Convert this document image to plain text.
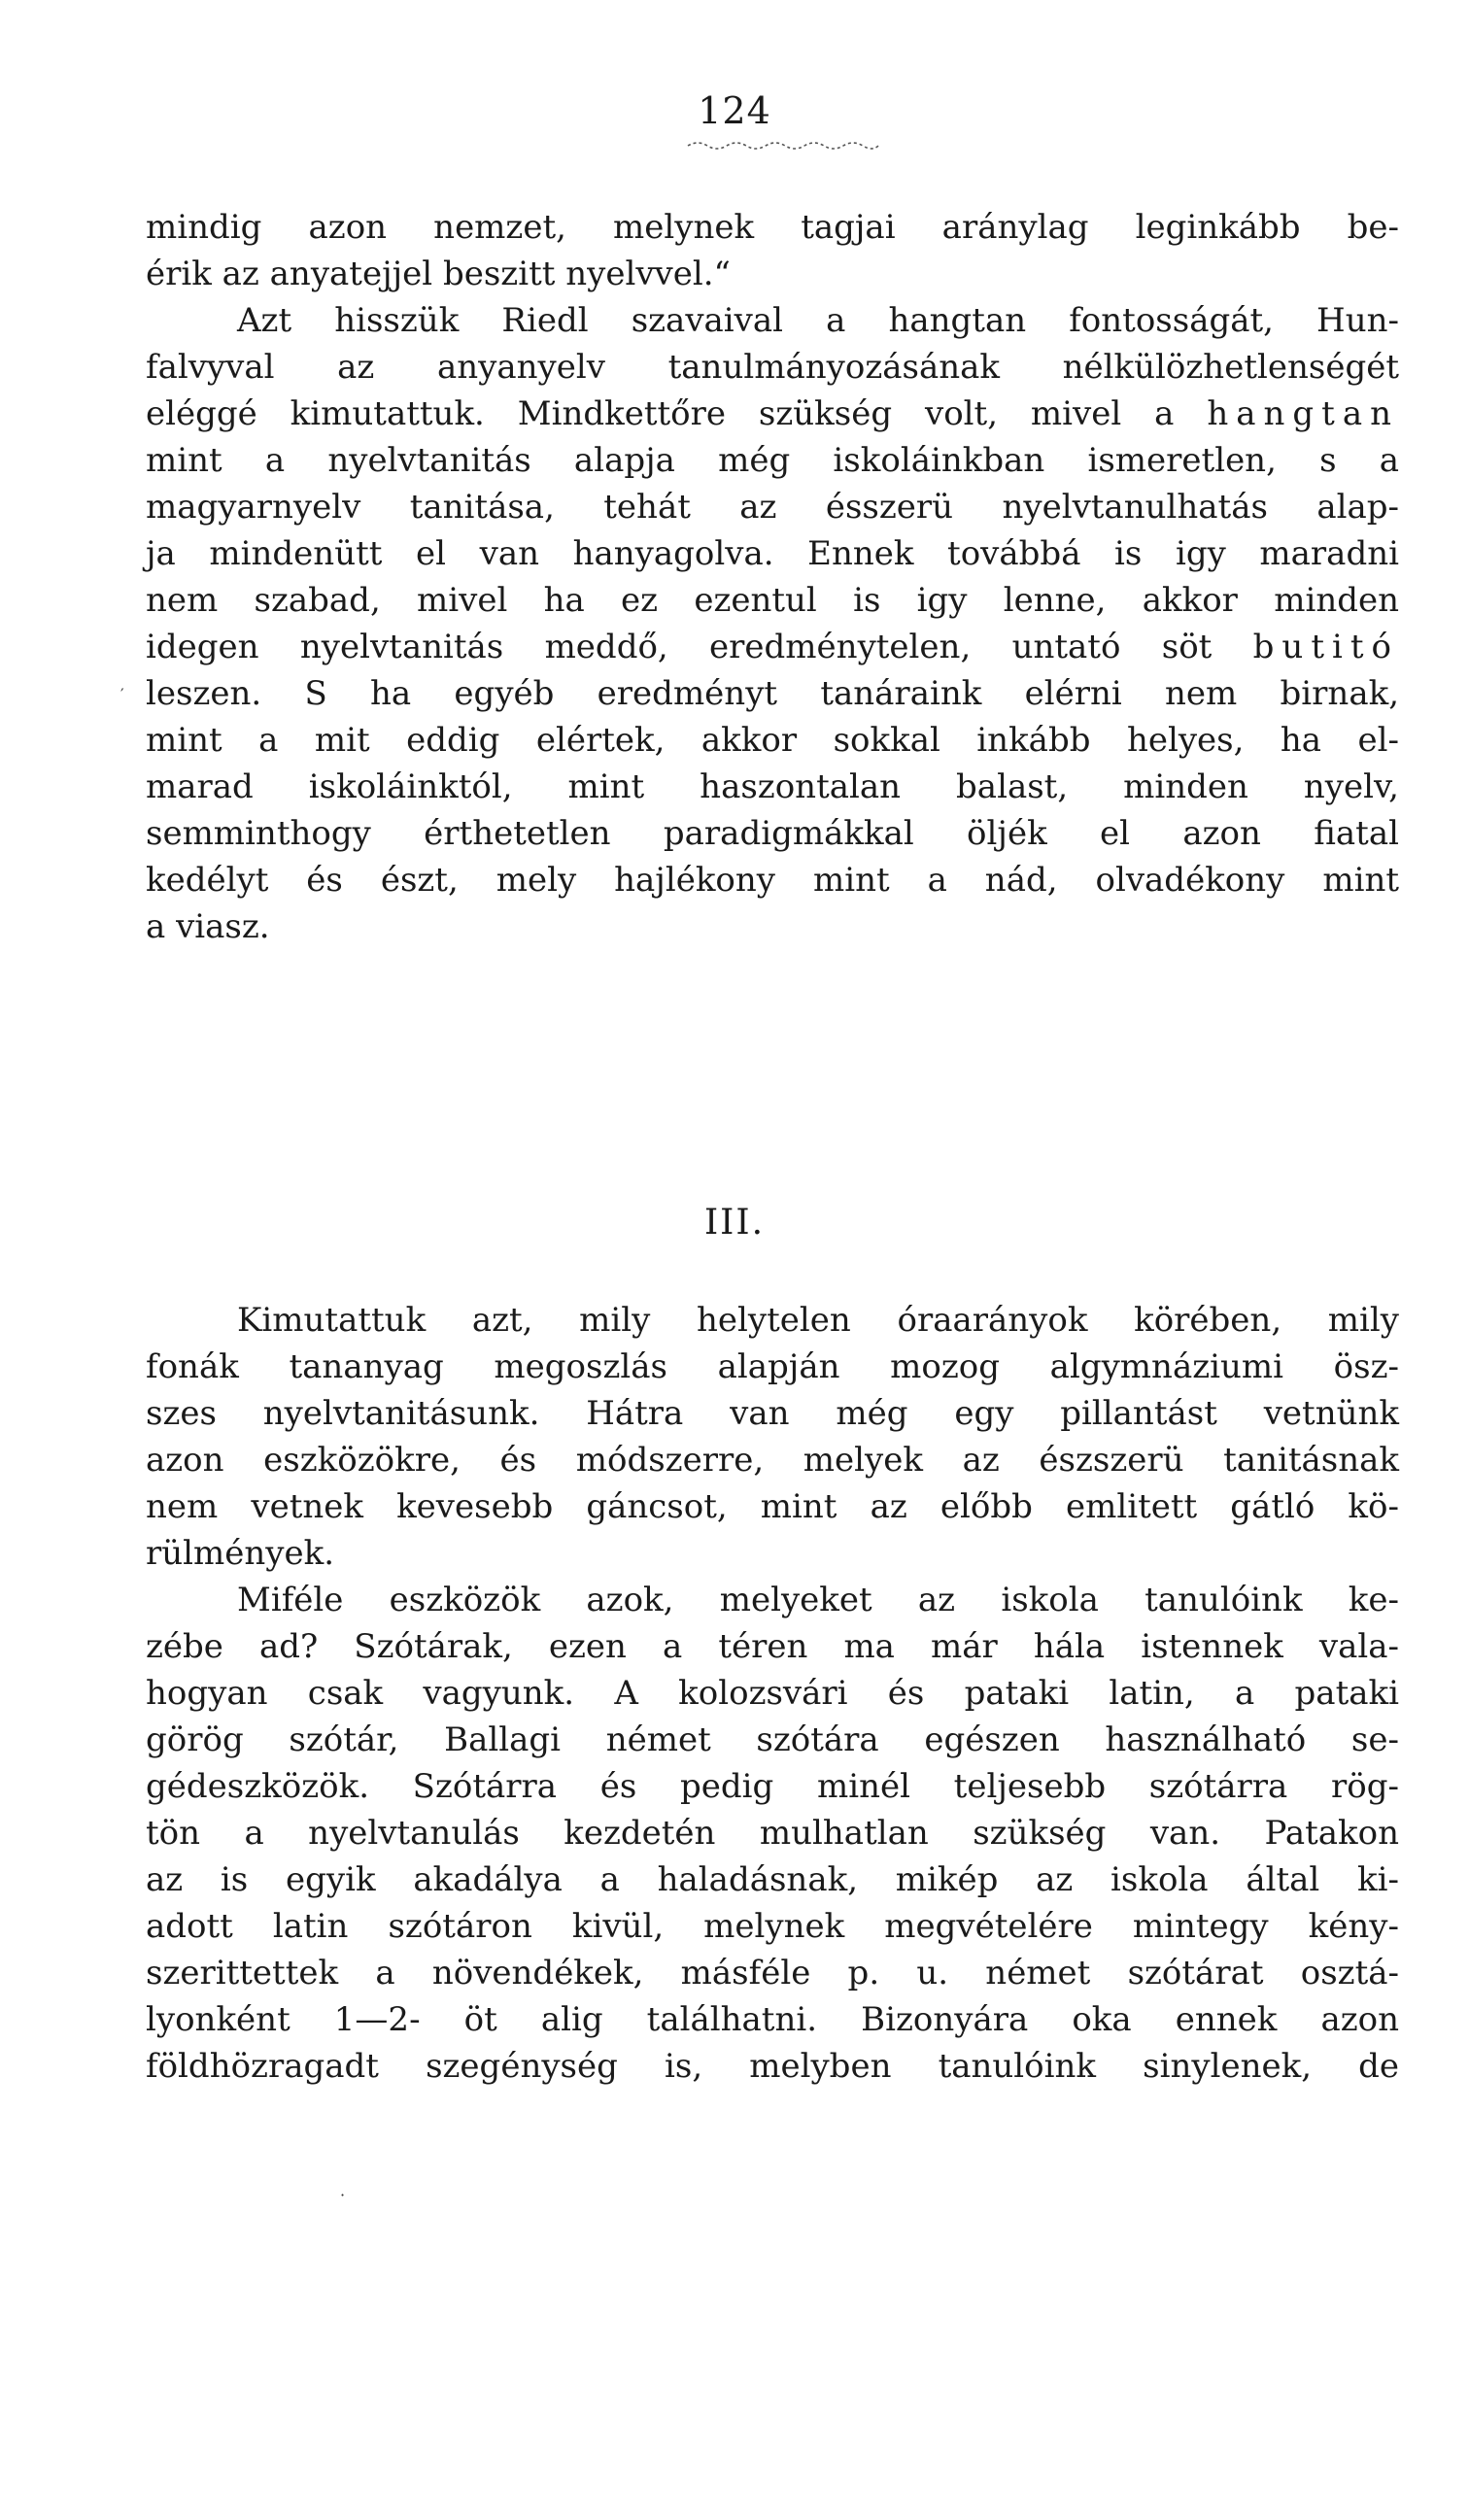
124
mindig azon nemzet, melynek tagjai aránylag leginkább be-
érik az anyatejjel beszitt nyelvvel.“
Azt hisszük Riedl szavaival a hangtan fontosságát, Hun-
falvyval az anyanyelv tanulmányozásának nélkülözhetlenségét
eléggé kimutattuk. Mindkettőre szükség volt, mivel a hangtan
mint a nyelvtanitás alapja még iskoláinkban ismeretlen, s a
magyarnyelv tanitása, tehát az ésszerü nyelvtanulhatás alap-
ja mindenütt el van hanyagolva. Ennek továbbá is igy maradni
nem szabad, mivel ha ez ezentul is igy lenne, akkor minden
idegen nyelvtanitás meddő, eredménytelen, untató söt butitó
leszen. S ha egyéb eredményt tanáraink elérni nem birnak,
mint a mit eddig elértek, akkor sokkal inkább helyes, ha el-
marad iskoláinktól, mint haszontalan balast, minden nyelv,
semminthogy érthetetlen paradigmákkal öljék el azon fiatal
kedélyt és észt, mely hajlékony mint a nád, olvadékony mint
a viasz.
III.
Kimutattuk azt, mily helytelen óraarányok körében, mily
fonák tananyag megoszlás alapján mozog algymnáziumi ösz-
szes nyelvtanitásunk. Hátra van még egy pillantást vetnünk
azon eszközökre, és módszerre, melyek az észszerü tanitásnak
nem vetnek kevesebb gáncsot, mint az előbb emlitett gátló kö-
rülmények.
Miféle eszközök azok, melyeket az iskola tanulóink ke-
zébe ad? Szótárak, ezen a téren ma már hála istennek vala-
hogyan csak vagyunk. A kolozsvári és pataki latin, a pataki
görög szótár, Ballagi német szótára egészen használható se-
gédeszközök. Szótárra és pedig minél teljesebb szótárra rög-
tön a nyelvtanulás kezdetén mulhatlan szükség van. Patakon
az is egyik akadálya a haladásnak, mikép az iskola által ki-
adott latin szótáron kivül, melynek megvételére mintegy kény-
szerittettek a növendékek, másféle p. u. német szótárat osztá-
lyonként 1—2- öt alig találhatni. Bizonyára oka ennek azon
földhözragadt szegénység is, melyben tanulóink sinylenek, de
′
·
